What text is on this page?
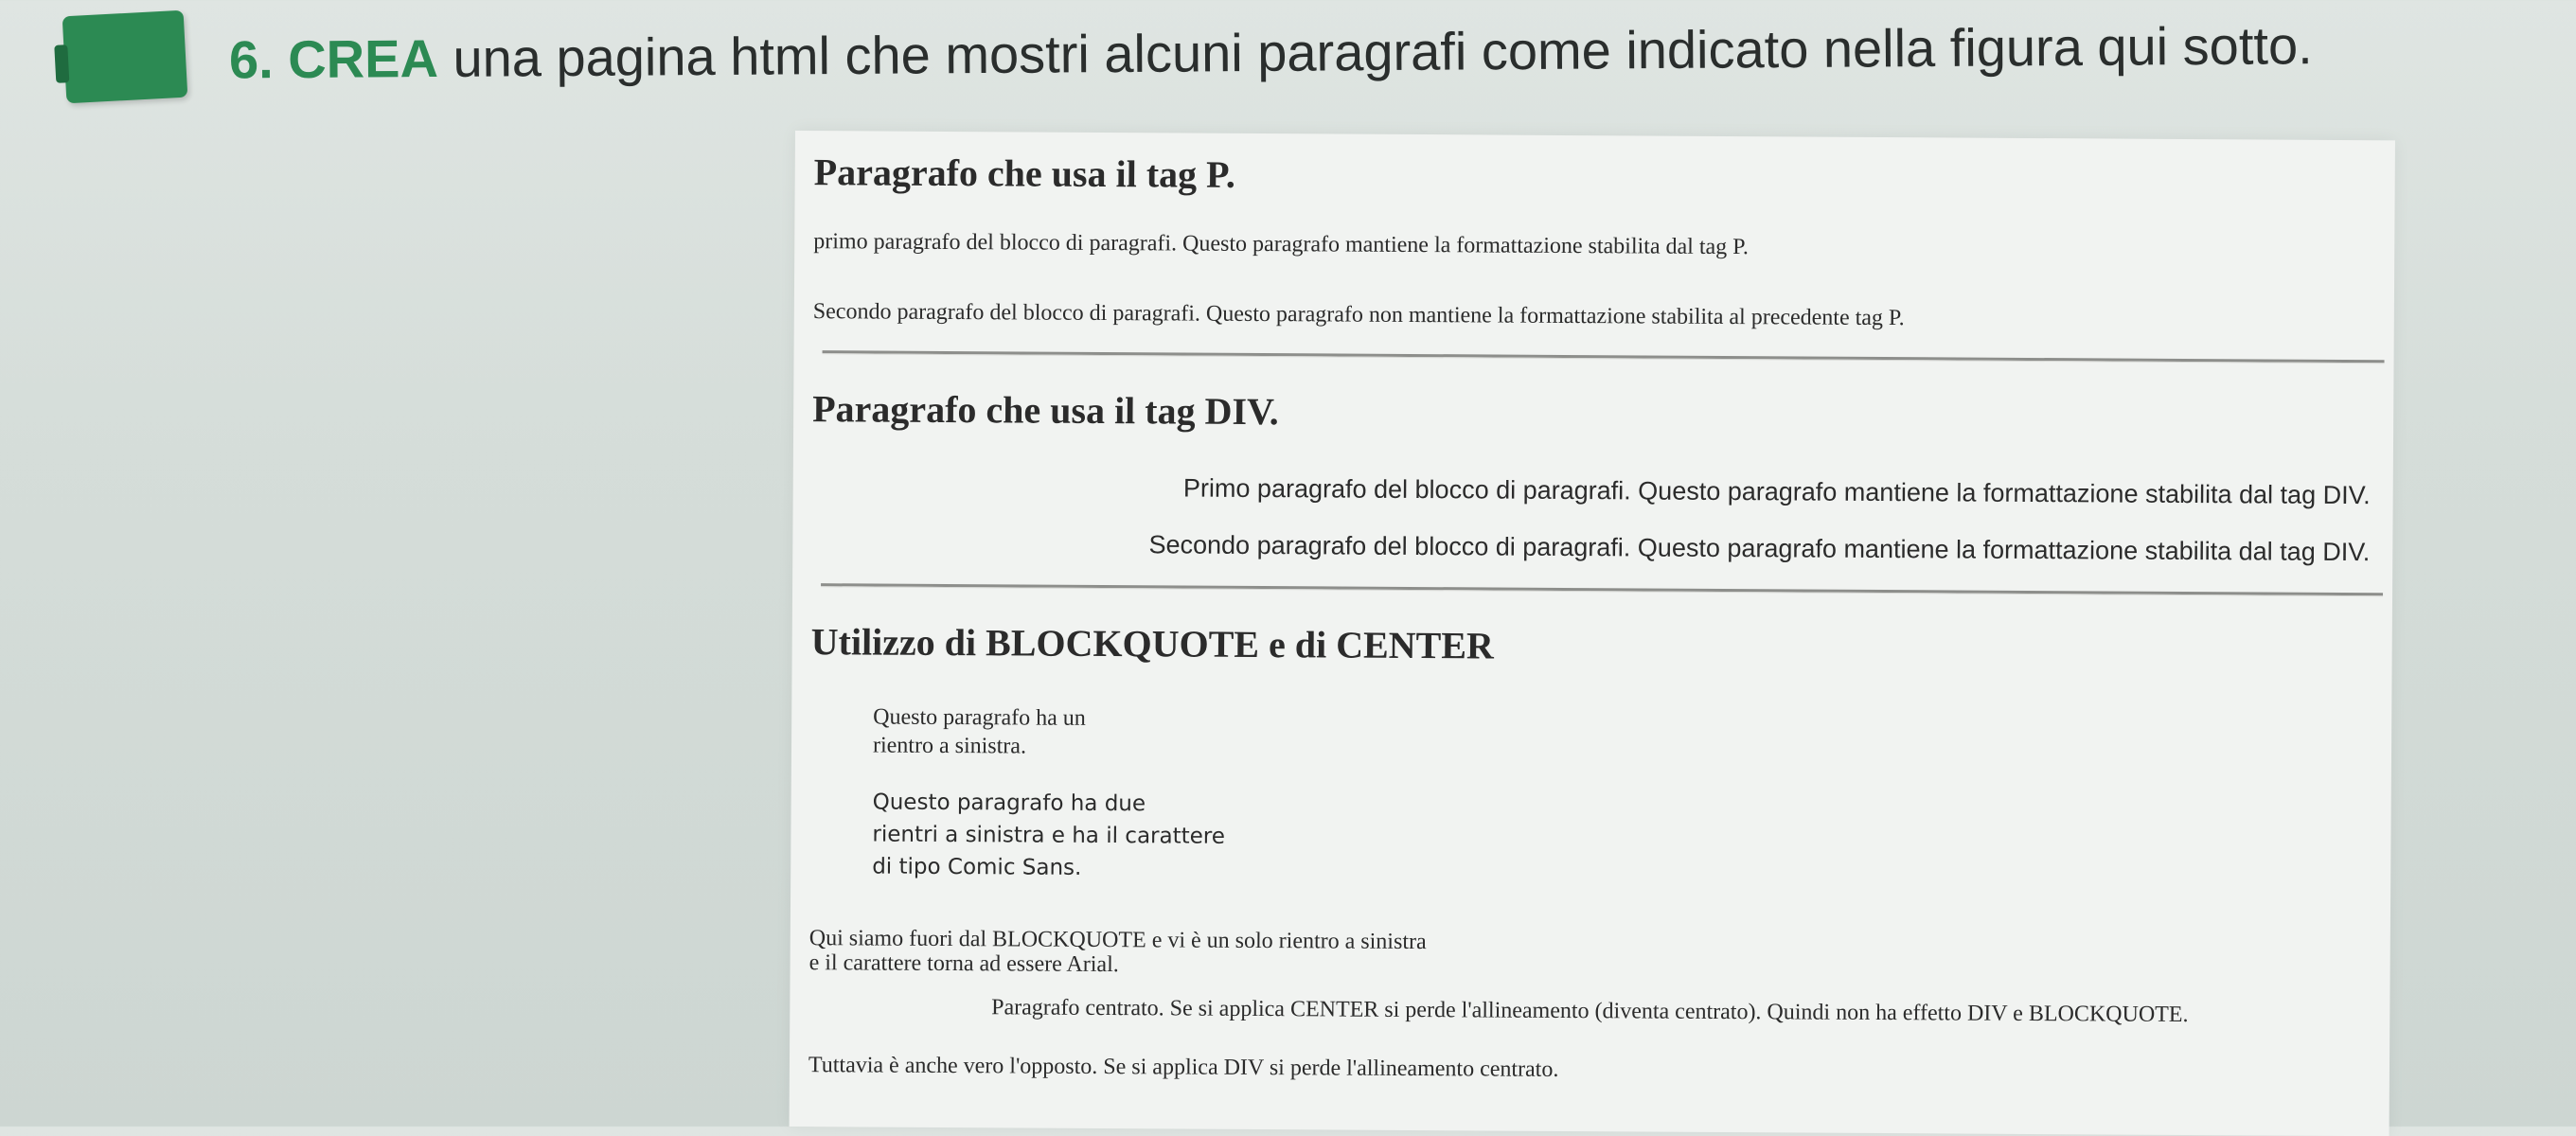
6. CREA una pagina html che mostri alcuni paragrafi come indicato nella figura qui sotto.
Paragrafo che usa il tag P.
primo paragrafo del blocco di paragrafi. Questo paragrafo mantiene la formattazione stabilita dal tag P.
Secondo paragrafo del blocco di paragrafi. Questo paragrafo non mantiene la formattazione stabilita al precedente tag P.
Paragrafo che usa il tag DIV.
Primo paragrafo del blocco di paragrafi. Questo paragrafo mantiene la formattazione stabilita dal tag DIV.
Secondo paragrafo del blocco di paragrafi. Questo paragrafo mantiene la formattazione stabilita dal tag DIV.
Utilizzo di BLOCKQUOTE e di CENTER
Questo paragrafo ha un
rientro a sinistra.
Questo paragrafo ha due
rientri a sinistra e ha il carattere
di tipo Comic Sans.
Qui siamo fuori dal BLOCKQUOTE e vi è un solo rientro a sinistra
e il carattere torna ad essere Arial.
Paragrafo centrato. Se si applica CENTER si perde l'allineamento (diventa centrato). Quindi non ha effetto DIV e BLOCKQUOTE.
Tuttavia è anche vero l'opposto. Se si applica DIV si perde l'allineamento centrato.
